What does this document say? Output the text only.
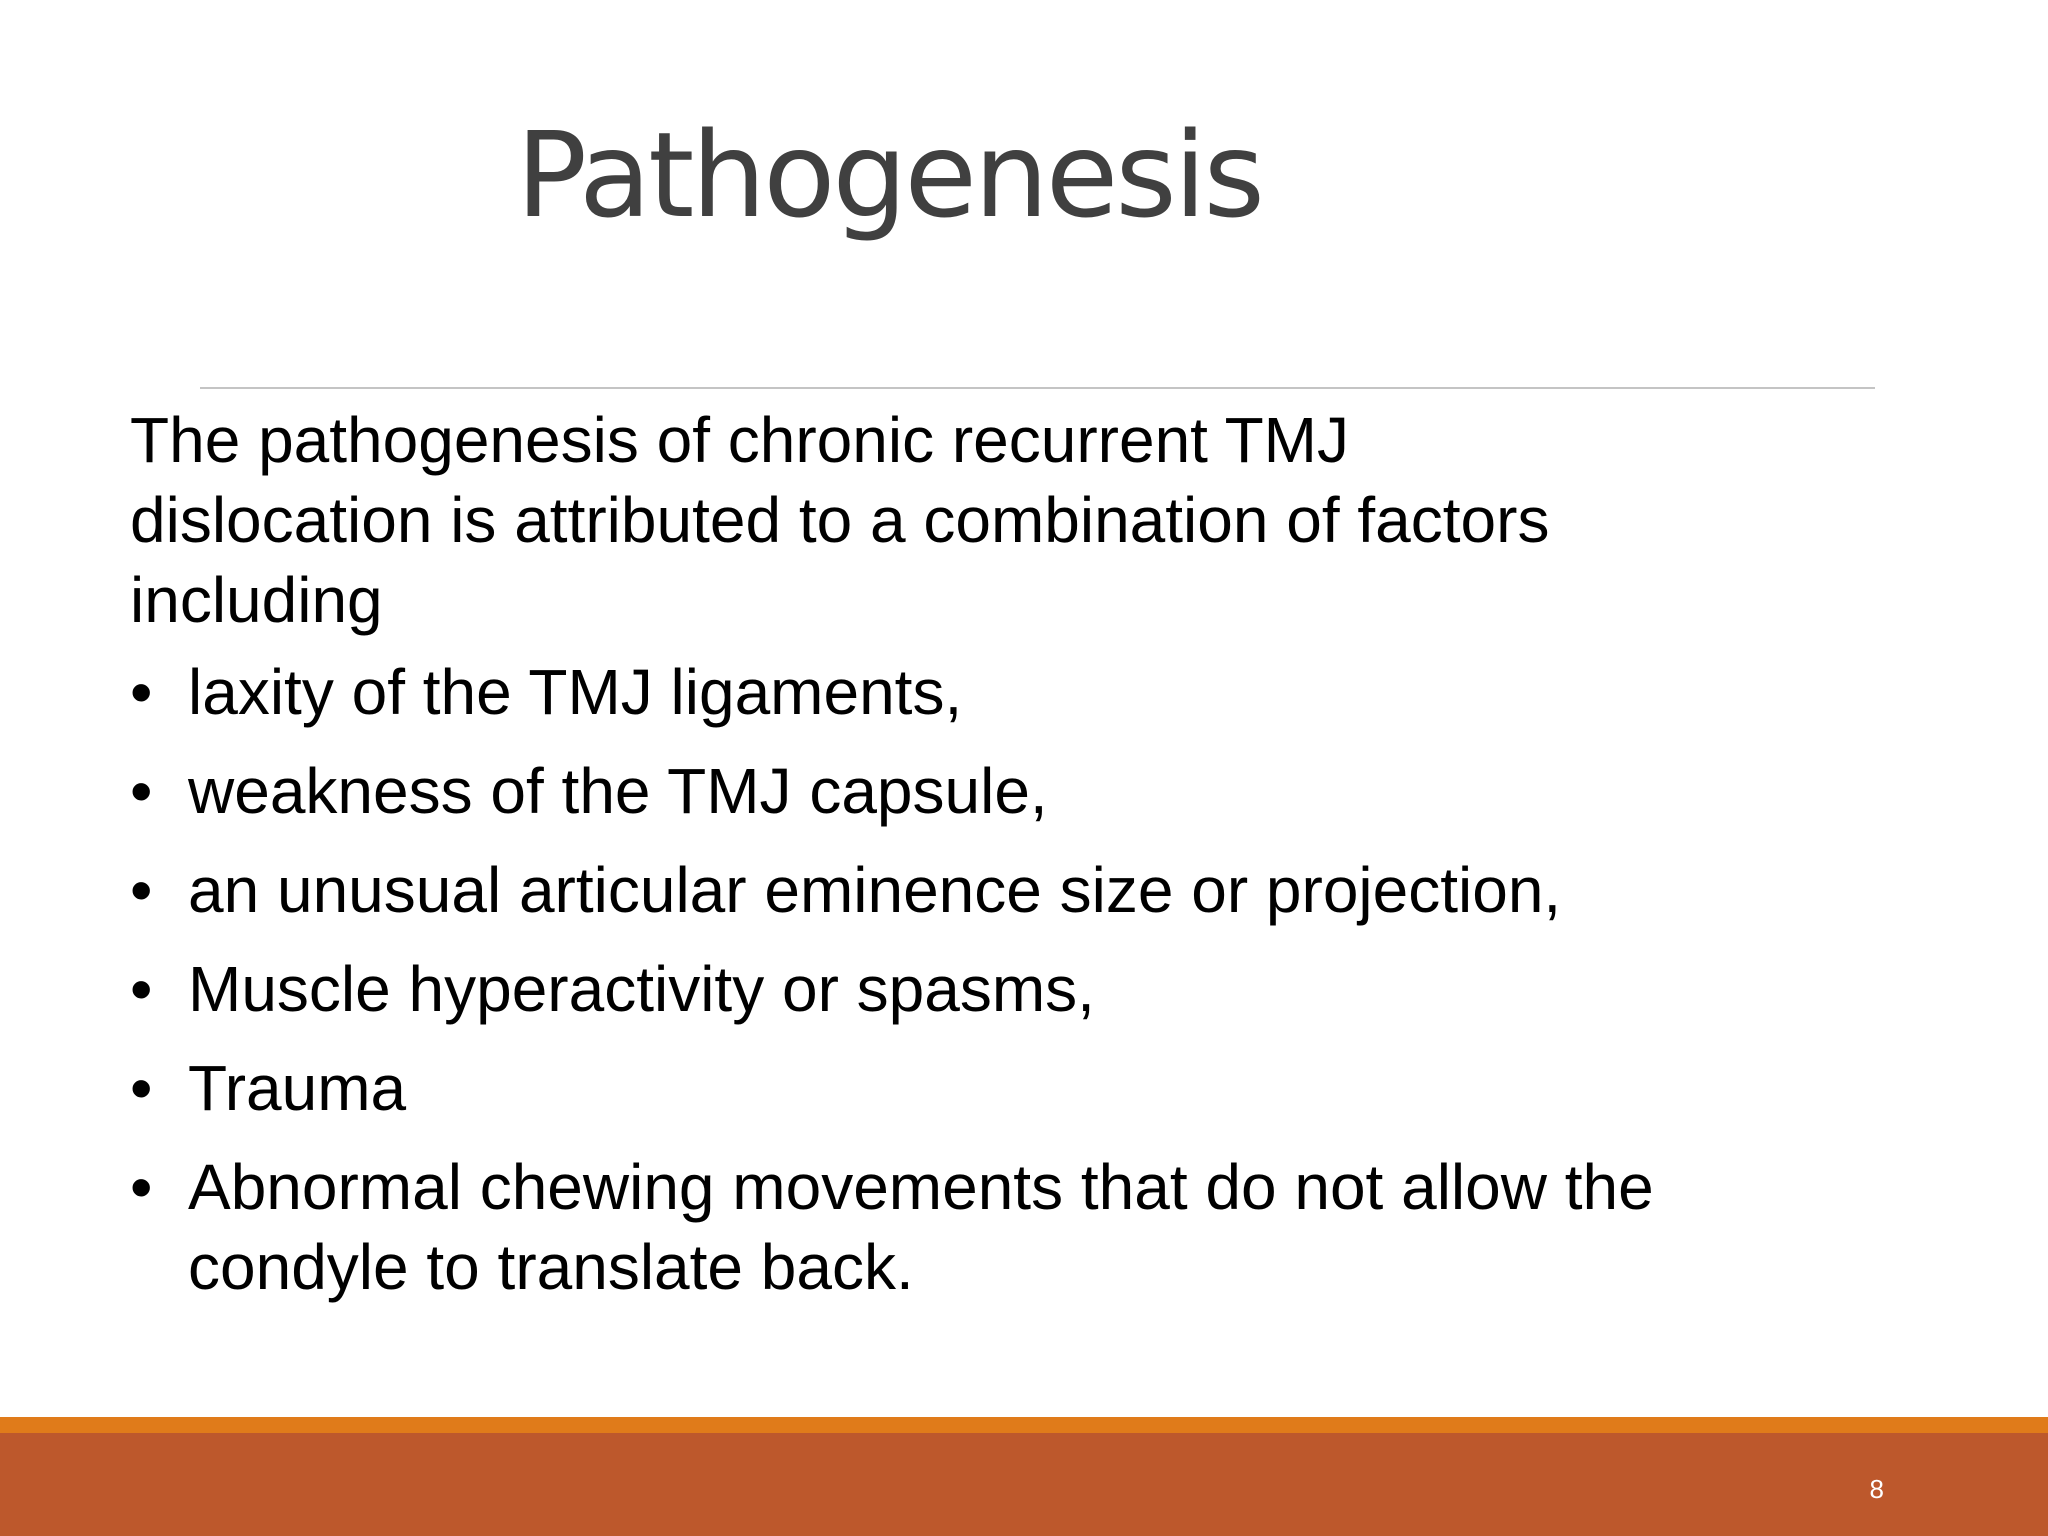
Pathogenesis

The pathogenesis of chronic recurrent TMJ
dislocation is attributed to a combination of factors
including

• laxity of the TMJ ligaments,
• weakness of the TMJ capsule,
• an unusual articular eminence size or projection,
• Muscle hyperactivity or spasms,
• Trauma
• Abnormal chewing movements that do not allow the
condyle to translate back.
8
